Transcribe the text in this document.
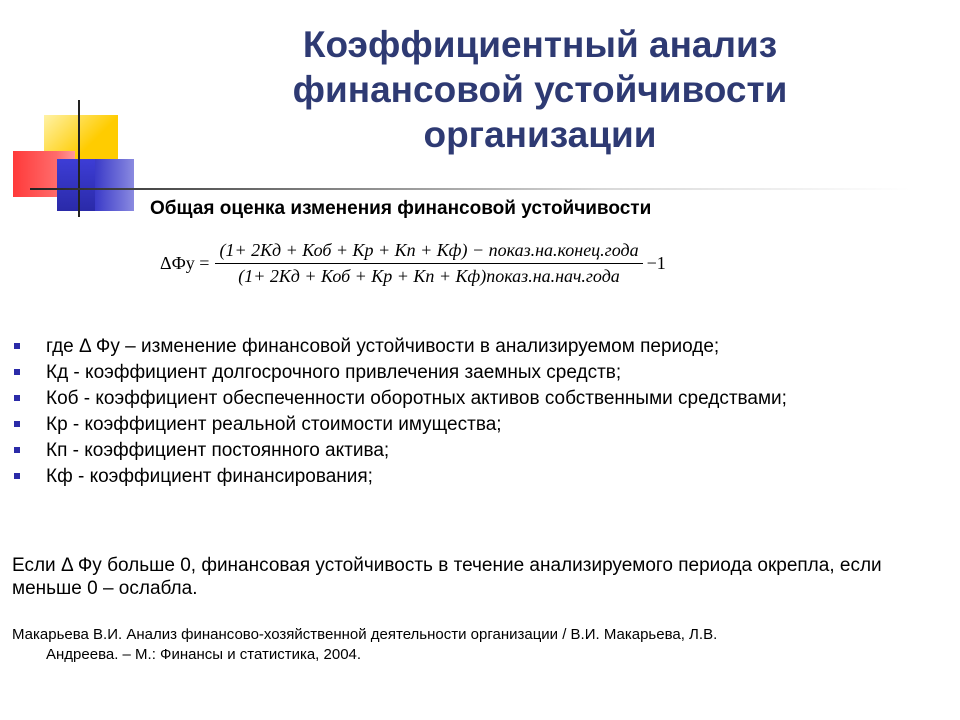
Коэффициентный анализ
финансовой устойчивости
организации
Общая оценка изменения финансовой устойчивости
$\Delta Фу = \frac{\text{(1+ 2Кд + Коб + Кр + Кп + Кф) − показ.на.конец.года}}{\text{(1+ 2Кд + Коб + Кр + Кп + Кф)показ.на.нач.года}} -1$
где Δ Фу – изменение финансовой устойчивости в анализируемом периоде;
Кд - коэффициент долгосрочного привлечения заемных средств;
Коб - коэффициент обеспеченности оборотных активов собственными средствами;
Кр - коэффициент реальной стоимости имущества;
Кп - коэффициент постоянного актива;
Кф - коэффициент финансирования;
Если Δ Фу больше 0, финансовая устойчивость в течение анализируемого периода окрепла, если меньше 0 – ослабла.
Макарьева В.И. Анализ финансово-хозяйственной деятельности организации / В.И. Макарьева, Л.В.
Андреева. – М.: Финансы и статистика, 2004.
